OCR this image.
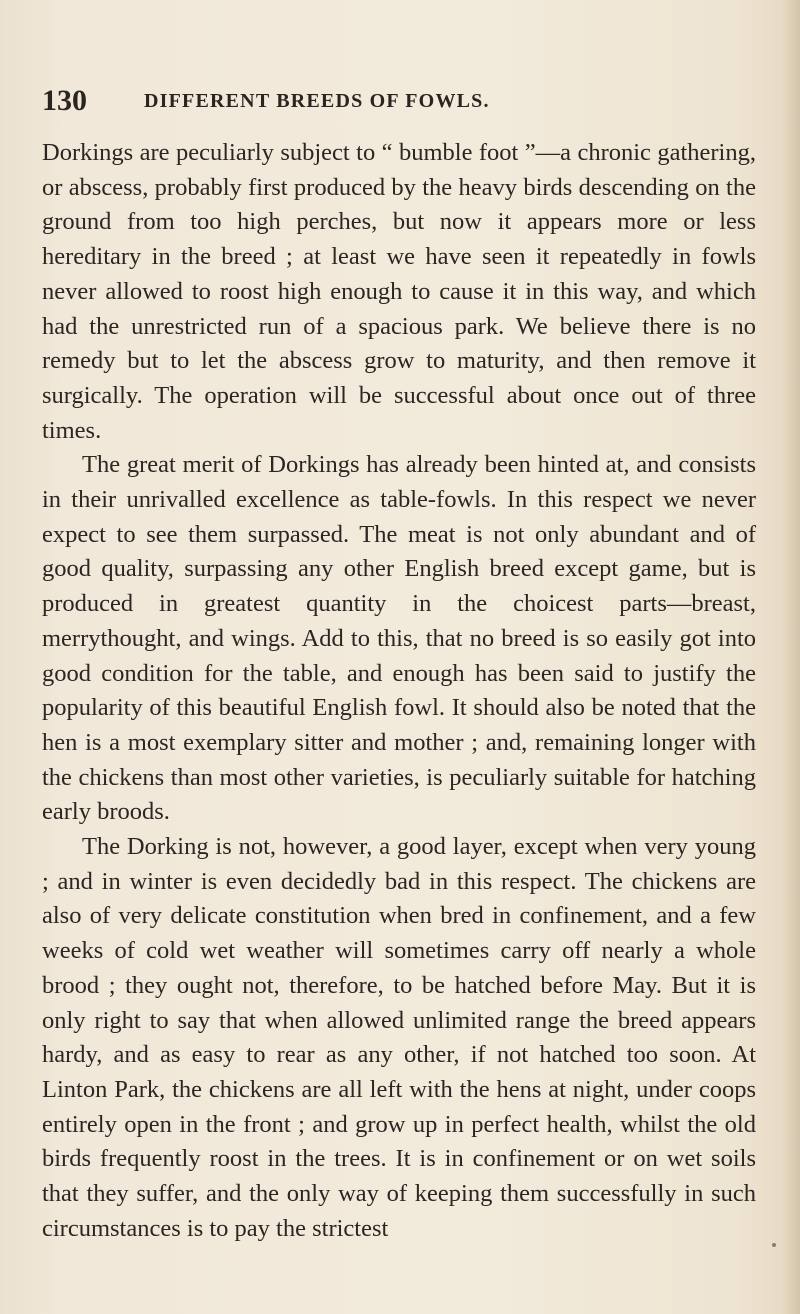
130	DIFFERENT BREEDS OF FOWLS.

Dorkings are peculiarly subject to “ bumble foot ”—a chronic gathering, or abscess, probably first produced by the heavy birds descending on the ground from too high perches, but now it appears more or less hereditary in the breed ; at least we have seen it repeatedly in fowls never allowed to roost high enough to cause it in this way, and which had the unrestricted run of a spacious park. We believe there is no remedy but to let the abscess grow to maturity, and then remove it surgically. The operation will be successful about once out of three times.

The great merit of Dorkings has already been hinted at, and consists in their unrivalled excellence as table-fowls. In this respect we never expect to see them surpassed. The meat is not only abundant and of good quality, surpassing any other English breed except game, but is produced in greatest quantity in the choicest parts—breast, merrythought, and wings. Add to this, that no breed is so easily got into good condition for the table, and enough has been said to justify the popularity of this beautiful English fowl. It should also be noted that the hen is a most exemplary sitter and mother ; and, remaining longer with the chickens than most other varieties, is peculiarly suitable for hatching early broods.

The Dorking is not, however, a good layer, except when very young ; and in winter is even decidedly bad in this respect. The chickens are also of very delicate constitution when bred in confinement, and a few weeks of cold wet weather will sometimes carry off nearly a whole brood ; they ought not, therefore, to be hatched before May. But it is only right to say that when allowed unlimited range the breed appears hardy, and as easy to rear as any other, if not hatched too soon. At Linton Park, the chickens are all left with the hens at night, under coops entirely open in the front ; and grow up in perfect health, whilst the old birds frequently roost in the trees. It is in confinement or on wet soils that they suffer, and the only way of keeping them successfully in such circumstances is to pay the strictest
